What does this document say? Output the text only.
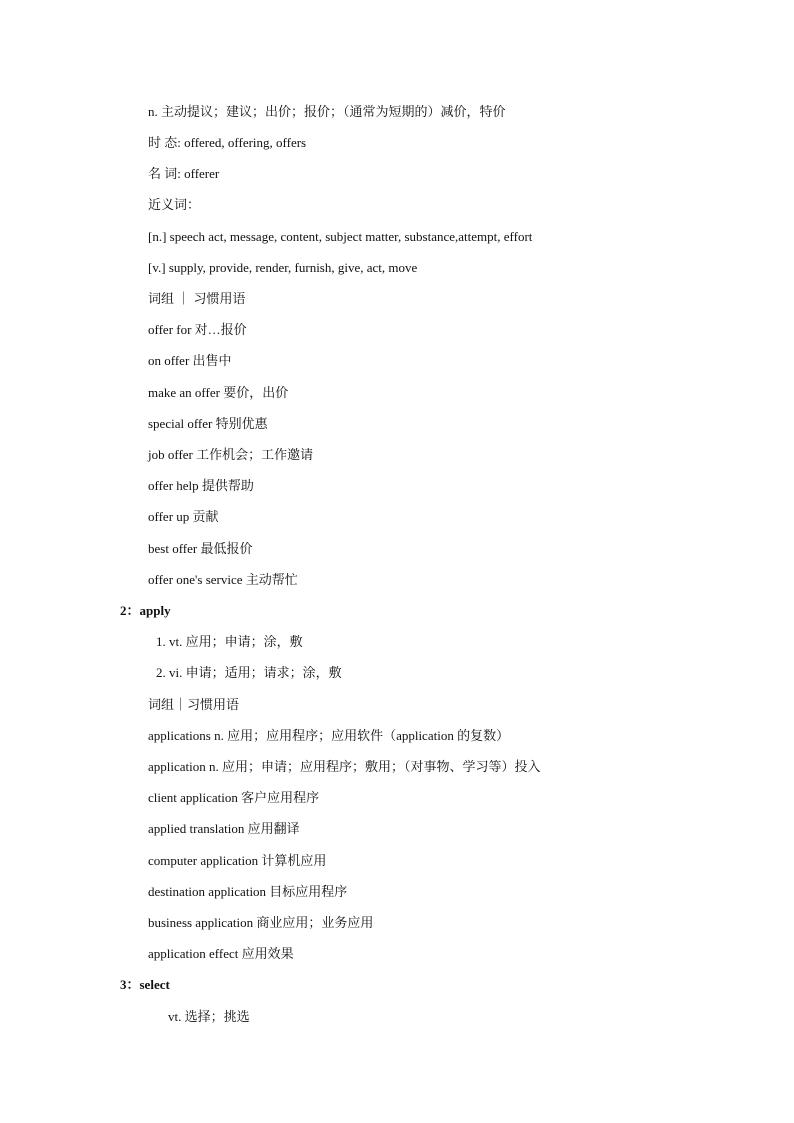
n. 主动提议；建议；出价；报价；（通常为短期的）减价，特价
时 态: offered, offering, offers
名 词: offerer
近义词：
[n.] speech act, message, content, subject matter, substance,attempt, effort
[v.] supply, provide, render, furnish, give, act, move
词组 ｜ 习惯用语
offer for 对…报价
on offer 出售中
make an offer 要价，出价
special offer 特别优惠
job offer 工作机会；工作邀请
offer help 提供帮助
offer up 贡献
best offer 最低报价
offer one's service 主动帮忙
2：apply
1. vt. 应用；申请；涂，敷
2. vi. 申请；适用；请求；涂，敷
词组｜习惯用语
applications n. 应用；应用程序；应用软件（application 的复数）
application n. 应用；申请；应用程序；敷用；（对事物、学习等）投入
client application 客户应用程序
applied translation 应用翻译
computer application 计算机应用
destination application 目标应用程序
business application 商业应用；业务应用
application effect 应用效果
3：select
vt. 选择；挑选
